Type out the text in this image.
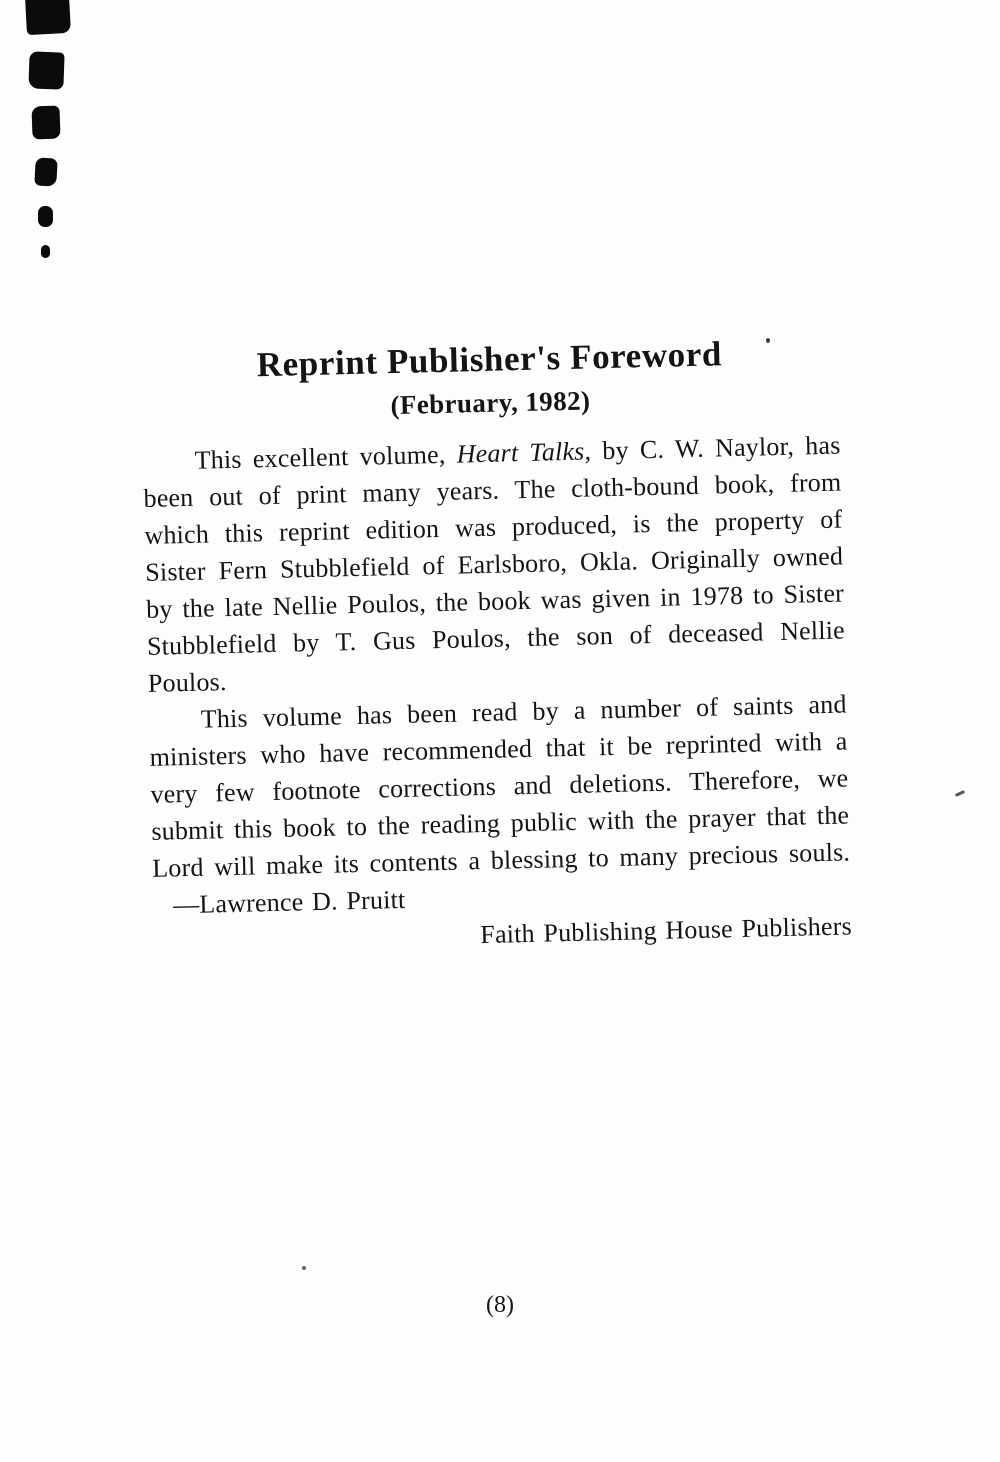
Reprint Publisher's Foreword
(February, 1982)

This excellent volume, Heart Talks, by C. W. Naylor, has been out of print many years. The cloth-bound book, from which this reprint edition was produced, is the property of Sister Fern Stubblefield of Earlsboro, Okla. Originally owned by the late Nellie Poulos, the book was given in 1978 to Sister Stubblefield by T. Gus Poulos, the son of deceased Nellie Poulos.

This volume has been read by a number of saints and ministers who have recommended that it be reprinted with a very few footnote corrections and deletions. Therefore, we submit this book to the reading public with the prayer that the Lord will make its contents a blessing to many precious souls.—Lawrence D. Pruitt

Faith Publishing House Publishers

(8)
